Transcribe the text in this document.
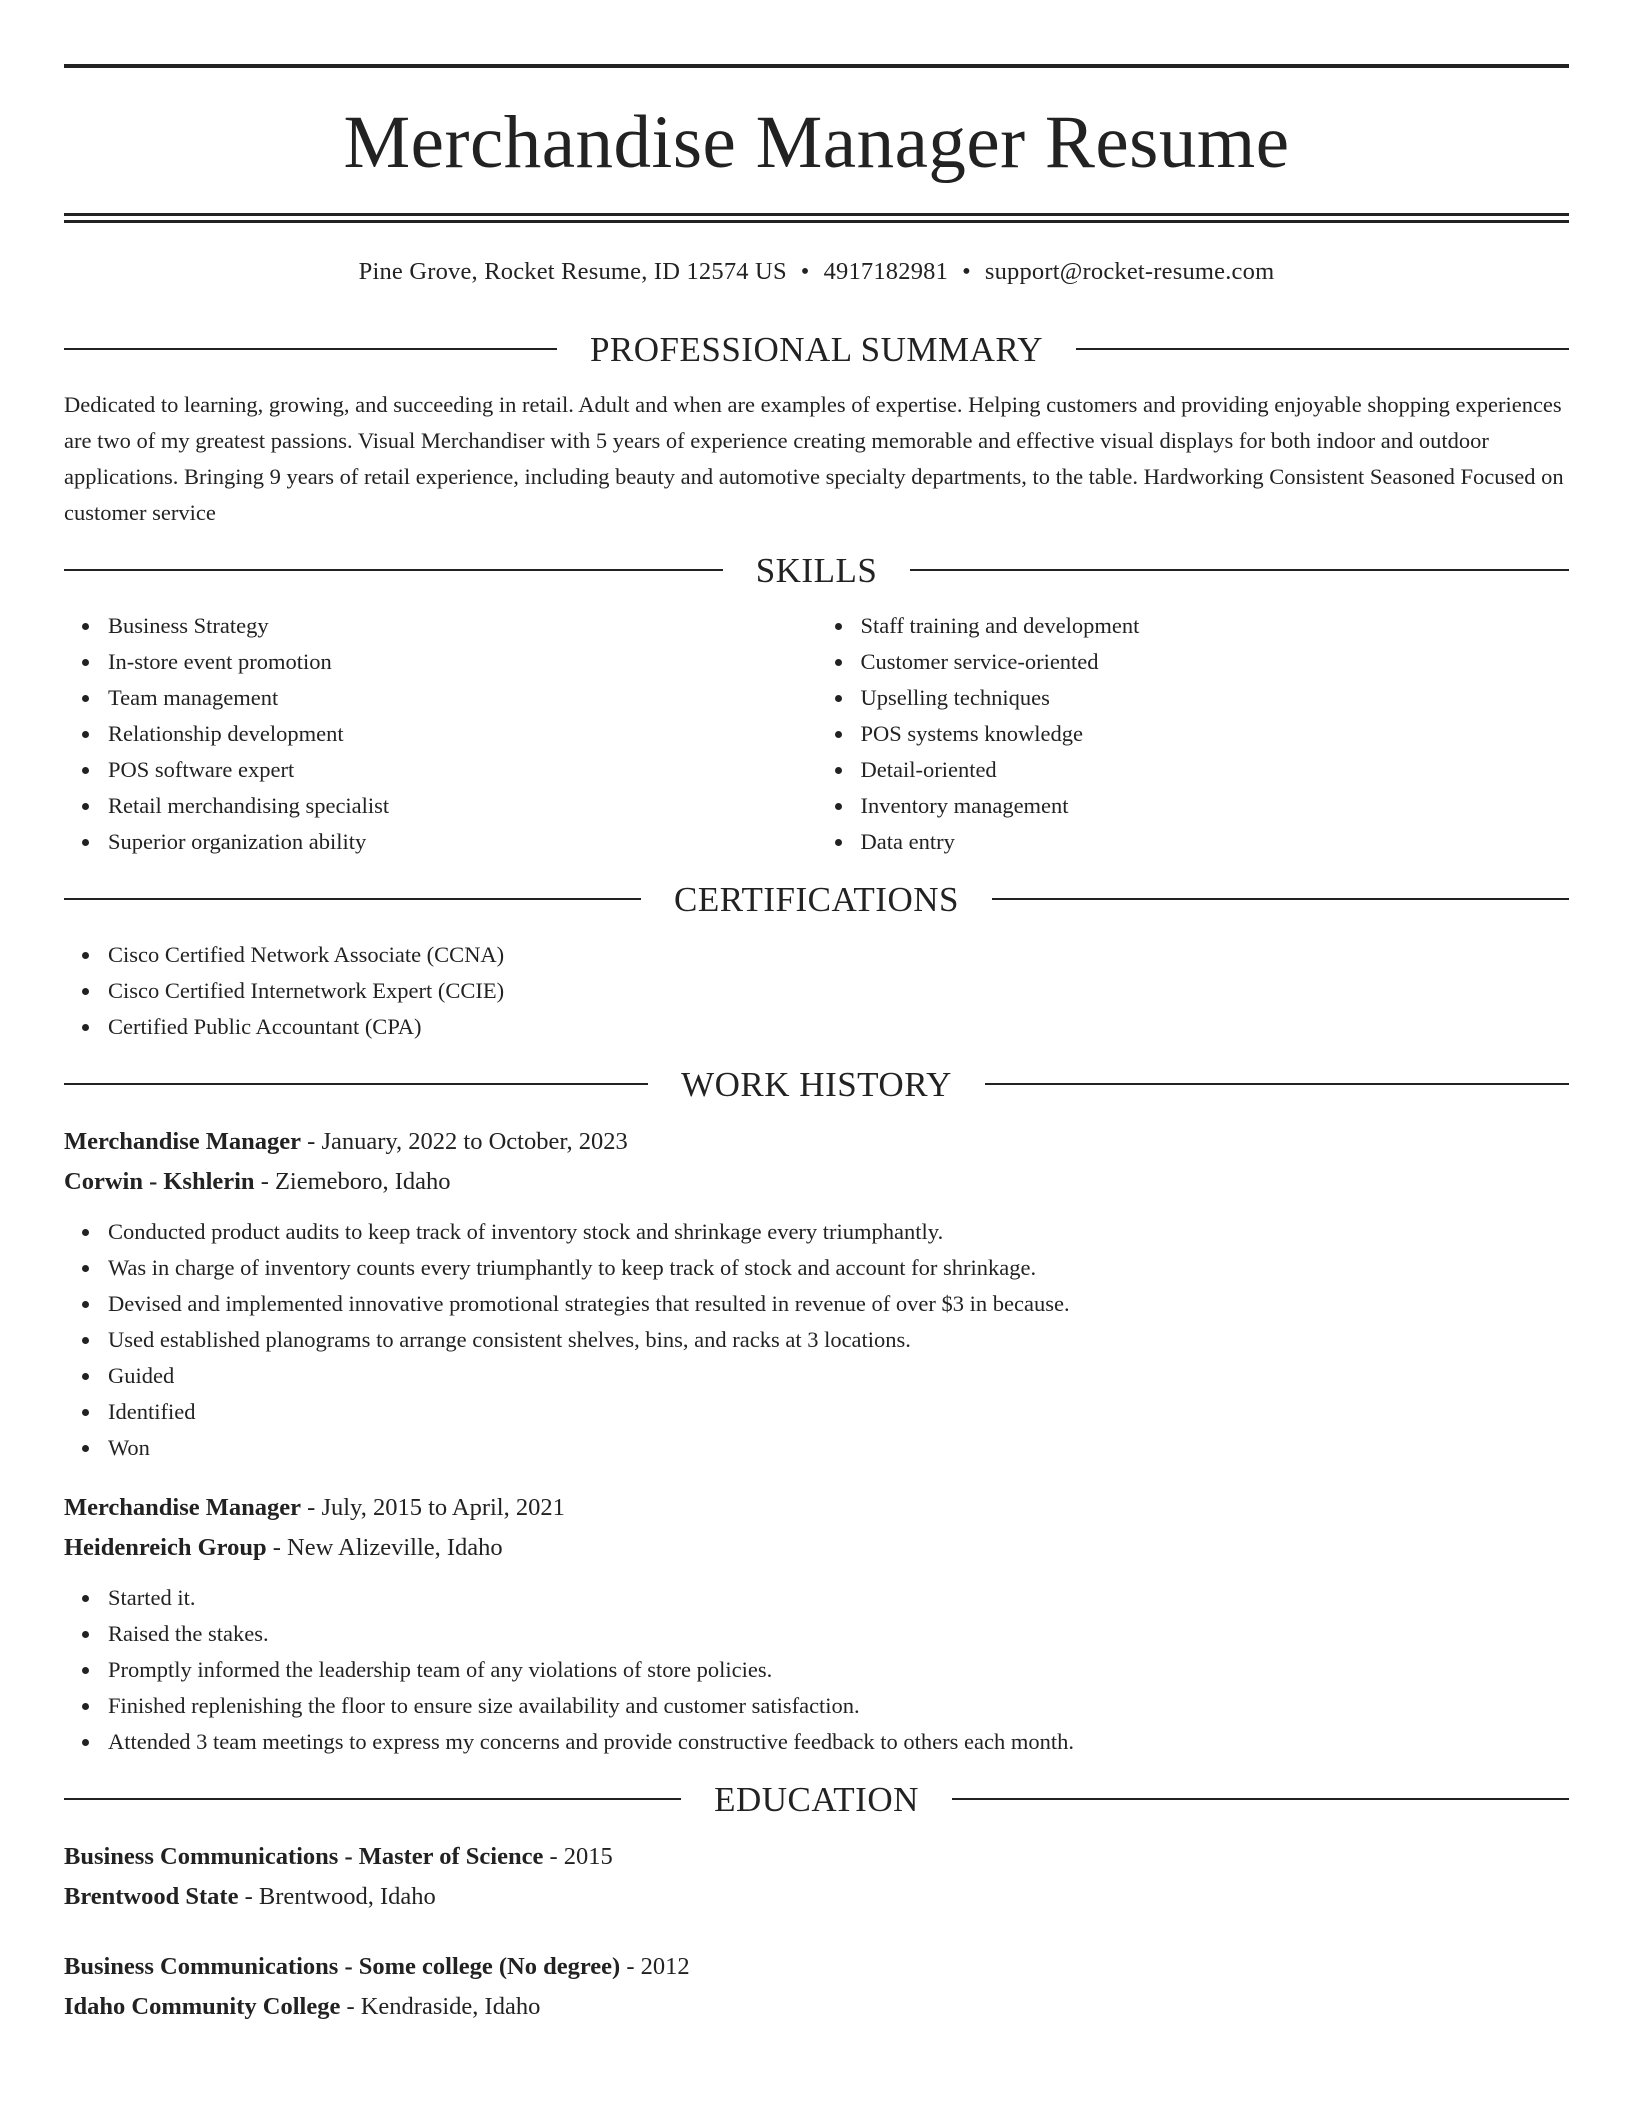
Merchandise Manager Resume
Pine Grove, Rocket Resume, ID 12574 US • 4917182981 • support@rocket-resume.com
PROFESSIONAL SUMMARY

Dedicated to learning, growing, and succeeding in retail. Adult and when are examples of expertise. Helping customers and providing enjoyable shopping experiences are two of my greatest passions. Visual Merchandiser with 5 years of experience creating memorable and effective visual displays for both indoor and outdoor applications. Bringing 9 years of retail experience, including beauty and automotive specialty departments, to the table. Hardworking Consistent Seasoned Focused on customer service

SKILLS
Business Strategy
In-store event promotion
Team management
Relationship development
POS software expert
Retail merchandising specialist
Superior organization ability
Staff training and development
Customer service-oriented
Upselling techniques
POS systems knowledge
Detail-oriented
Inventory management
Data entry
CERTIFICATIONS
Cisco Certified Network Associate (CCNA)
Cisco Certified Internetwork Expert (CCIE)
Certified Public Accountant (CPA)
WORK HISTORY
Merchandise Manager - January, 2022 to October, 2023
Corwin - Kshlerin - Ziemeboro, Idaho
Conducted product audits to keep track of inventory stock and shrinkage every triumphantly.
Was in charge of inventory counts every triumphantly to keep track of stock and account for shrinkage.
Devised and implemented innovative promotional strategies that resulted in revenue of over $3 in because.
Used established planograms to arrange consistent shelves, bins, and racks at 3 locations.
Guided
Identified
Won
Merchandise Manager - July, 2015 to April, 2021
Heidenreich Group - New Alizeville, Idaho
Started it.
Raised the stakes.
Promptly informed the leadership team of any violations of store policies.
Finished replenishing the floor to ensure size availability and customer satisfaction.
Attended 3 team meetings to express my concerns and provide constructive feedback to others each month.
EDUCATION
Business Communications - Master of Science - 2015
Brentwood State - Brentwood, Idaho
Business Communications - Some college (No degree) - 2012
Idaho Community College - Kendraside, Idaho
